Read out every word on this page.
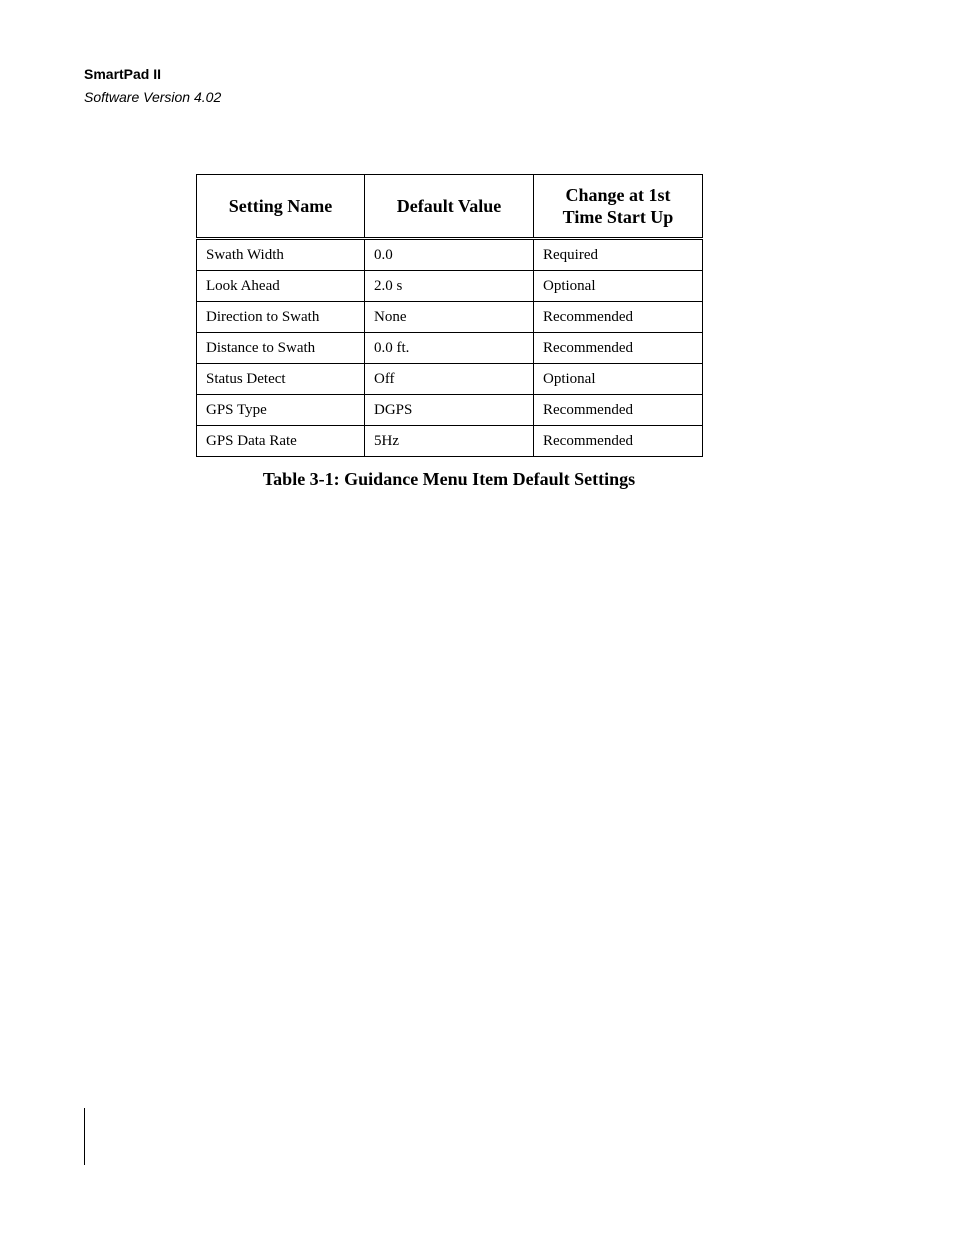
SmartPad II
Software Version 4.02
Setting Name	Default Value	Change at 1st Time Start Up
Swath Width	0.0	Required
Look Ahead	2.0 s	Optional
Direction to Swath	None	Recommended
Distance to Swath	0.0 ft.	Recommended
Status Detect	Off	Optional
GPS Type	DGPS	Recommended
GPS Data Rate	5Hz	Recommended
Table 3-1: Guidance Menu Item Default Settings
